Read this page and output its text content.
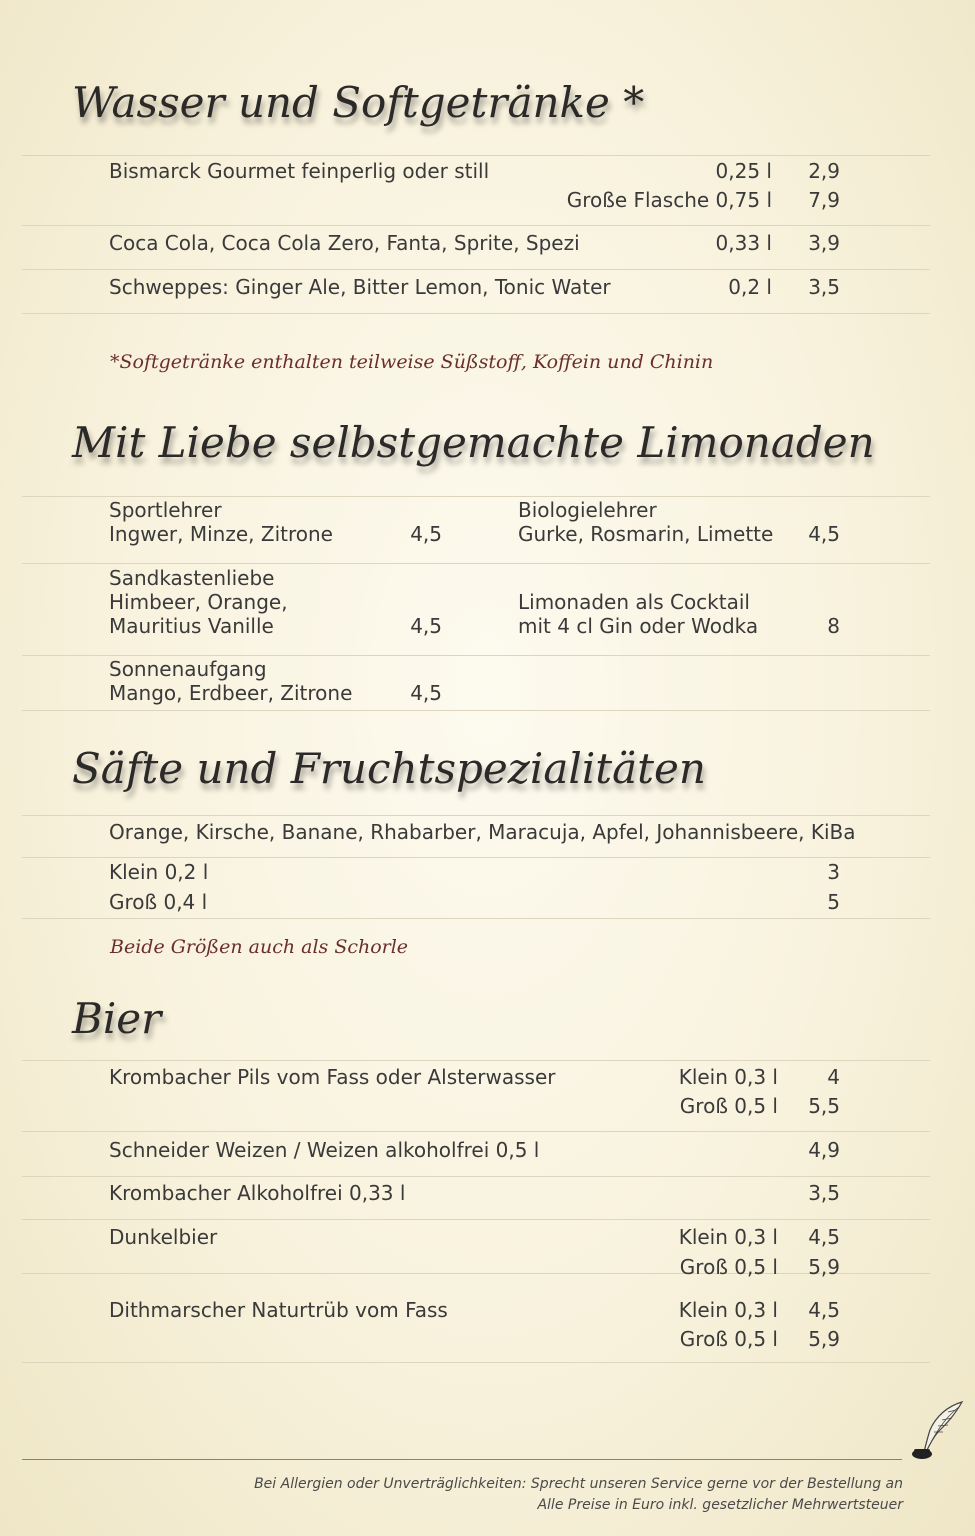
Wasser und Softgetränke *
Bismarck Gourmet feinperlig oder still	0,25 l	2,9
Große Flasche 0,75 l	7,9
Coca Cola, Coca Cola Zero, Fanta, Sprite, Spezi	0,33 l	3,9
Schweppes: Ginger Ale, Bitter Lemon, Tonic Water	0,2 l	3,5
*Softgetränke enthalten teilweise Süßstoff, Koffein und Chinin
Mit Liebe selbstgemachte Limonaden
Sportlehrer
Ingwer, Minze, Zitrone	4,5
Biologielehrer
Gurke, Rosmarin, Limette	4,5
Sandkastenliebe
Himbeer, Orange,
Mauritius Vanille	4,5
Limonaden als Cocktail
mit 4 cl Gin oder Wodka	8
Sonnenaufgang
Mango, Erdbeer, Zitrone	4,5
Säfte und Fruchtspezialitäten
Orange, Kirsche, Banane, Rhabarber, Maracuja, Apfel, Johannisbeere, KiBa
Klein 0,2 l	3
Groß 0,4 l	5
Beide Größen auch als Schorle
Bier
Krombacher Pils vom Fass oder Alsterwasser	Klein 0,3 l	4
Groß 0,5 l	5,5
Schneider Weizen / Weizen alkoholfrei 0,5 l	4,9
Krombacher Alkoholfrei 0,33 l	3,5
Dunkelbier	Klein 0,3 l	4,5
Groß 0,5 l	5,9
Dithmarscher Naturtrüb vom Fass	Klein 0,3 l	4,5
Groß 0,5 l	5,9
Bei Allergien oder Unverträglichkeiten: Sprecht unseren Service gerne vor der Bestellung an
Alle Preise in Euro inkl. gesetzlicher Mehrwertsteuer
